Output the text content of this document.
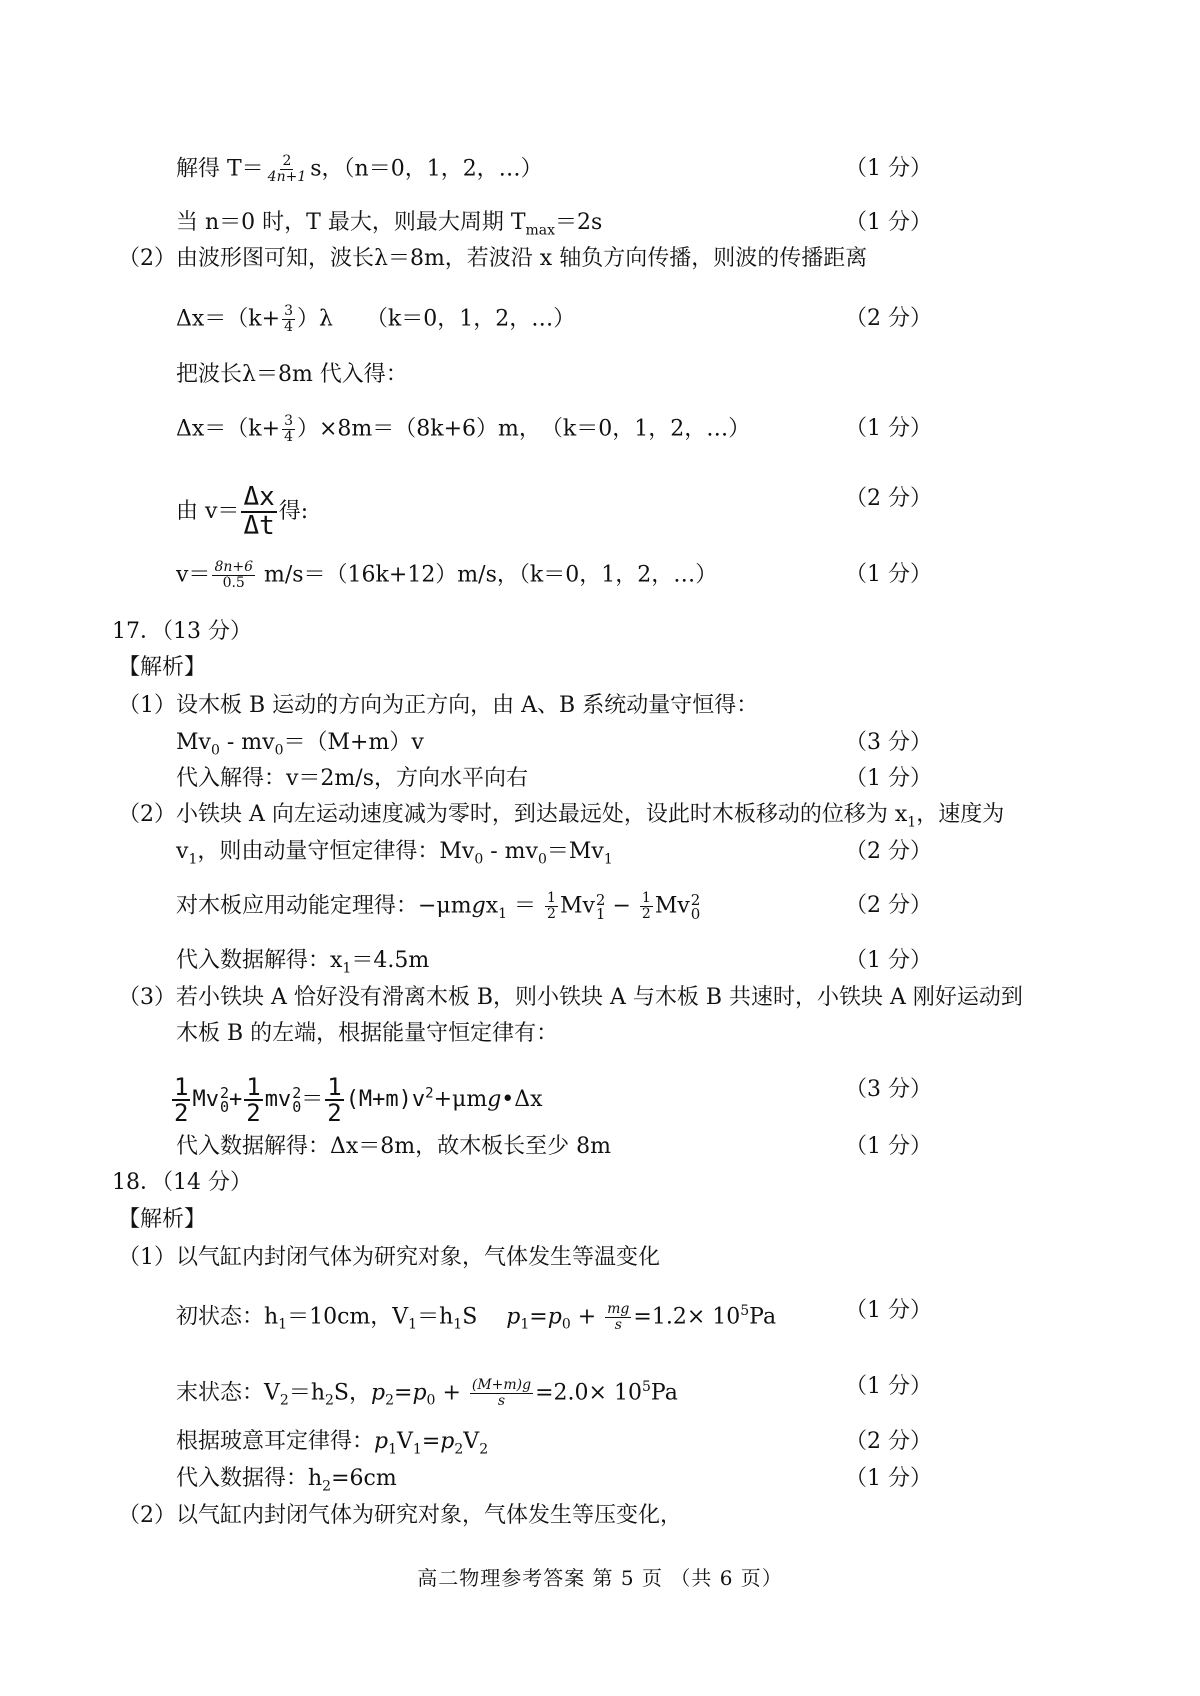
解得 $T= \frac{2}{4n+1}$ s，（n＝0，1，2，…）	（1 分）
当 n＝0 时，T 最大，则最大周期 $T_{max}=2s$	（1 分）
（2）由波形图可知，波长λ＝8m，若波沿 x 轴负方向传播，则波的传播距离
$\Delta x=(k+ \frac{3}{4} )\lambda$　　（k＝0，1，2，…）	（2 分）
把波长λ＝8m 代入得：
$\Delta x=(k+ \frac{3}{4} )\times 8m=(8k+6)m$，　（k＝0，1，2，…）	（1 分）
由 $v= \frac{\Delta x}{\Delta t}$ 得:
（2 分）
$v= \frac{8n+6}{0.5} m/s=(16k+12)m/s$，（k＝0，1，2，…）	（1 分）
17．（13 分）
【解析】
（1）设木板 B 运动的方向为正方向，由 A、B 系统动量守恒得：
$Mv_0 - mv_0=(M+m)v$	（3 分）
代入解得：v＝2m/s，方向水平向右	（1 分）
（2）小铁块 A 向左运动速度减为零时，到达最远处，设此时木板移动的位移为 $x_1$，速度为
$v_1$，则由动量守恒定律得：$Mv_0 - mv_0=Mv_1$	（2 分）
对木板应用动能定理得：$-\mu mgx_1 = \frac{1}{2}$ Mv 2
$1 - \frac{1}{2}$ Mv 2
0	（2 分）
代入数据解得：$x_1=4.5m$	（1 分）
（3）若小铁块 A 恰好没有滑离木板 B，则小铁块 A 与木板 B 共速时，小铁块 A 刚好运动到
木板 B 的左端，根据能量守恒定律有：
$\frac{1}{2}$ Mv 2
$0 + \frac{1}{2}$ mv 2
$0 = \frac{1}{2}$ $(M+m)v^2+\mu mg•\Delta x$	（3 分）
代入数据解得：Δx＝8m，故木板长至少 8m	（1 分）
18．（14 分）
【解析】
（1）以气缸内封闭气体为研究对象，气体发生等温变化
初状态：$h_1=10cm$，$V_1=h_1S$　 $p_1=p_0 + \frac{mg}{s} =1.2\times 10^5Pa$	（1 分）
末状态：$V_2=h_2S$，$p_2=p_0 + \frac{(M+m)g}{s} =2.0\times 10^5Pa$	（1 分）
根据玻意耳定律得：$p_1V_1=p_2V_2$	（2 分）
代入数据得：$h_2=6cm$	（1 分）
（2）以气缸内封闭气体为研究对象，气体发生等压变化，
高二物理参考答案 第 5 页 （共 6 页）
